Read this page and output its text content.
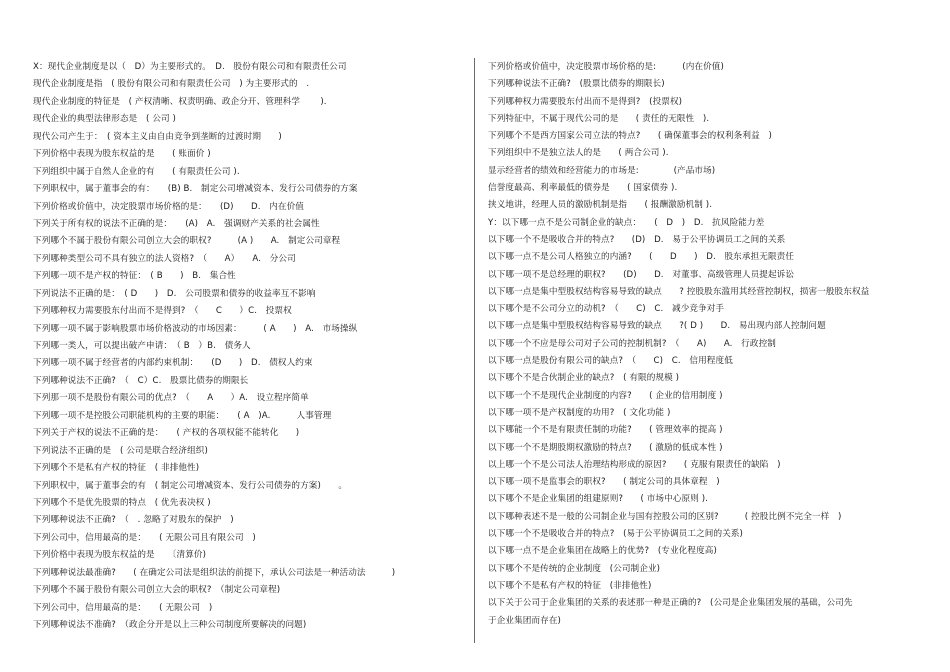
X：现代企业制度是以（　D）为主要形式的。　D.　股份有限公司和有限责任公司
现代企业制度是指　( 股份有限公司和有限责任公司　) 为主要形式的　.
现代企业制度的特征是　( 产权清晰、权责明确、政企分开、管理科学　　 ).
现代企业的典型法律形态是　( 公司 )
现代公司产生于：　( 资本主义由自由竞争到垄断的过渡时期　　)
下列价格中表现为股东权益的是　　( 账面价 )
下列组织中属于自然人企业的有　　( 有限责任公司 ).
下列职权中，属于董事会的有：　　(B) B.　制定公司增减资本、发行公司债券的方案
下列价格或价值中，决定股票市场价格的是：　　(D)　　D.　内在价值
下列关于所有权的说法不正确的是：　　(A)　A.　强调财产关系的社会属性
下列哪个不属于股份有限公司创立大会的职权?　　　(A )　　A.　制定公司章程
下列哪种类型公司不具有独立的法人资格?　（　　A）　　A.　分公司
下列哪一项不是产权的特征：　( B　　)　B.　集合性
下列说法不正确的是：　( D　　)　D.　公司股票和债券的收益率互不影响
下列哪种权力需要股东付出而不是得到?　（　　C　　）C.　投票权
下列哪一项不属于影响股票市场价格波动的市场因素：　　　( A　　)　A.　市场操纵
下列哪一类人，可以提出破产申请：　（ B　）B.　债务人
下列哪一项不属于经营者的内部约束机制：　　(D　　)　D.　债权人约束
下列哪种说法不正确?　（　C）C.　股票比债券的期限长
下列那一项不是股份有限公司的优点?　（　　A　　）A.　设立程序简单
下列哪一项不是控股公司职能机构的主要的职能：　　( A　)A.　　　人事管理
下列关于产权的说法不正确的是：　　( 产权的各项权能不能转化　　)
下列说法不正确的是　( 公司是联合经济组织)
下列哪个不是私有产权的特征　( 非排他性)
下列职权中，属于董事会的有　( 制定公司增减资本、发行公司债券的方案)　　。
下列哪个不是优先股票的特点　( 优先表决权 )
下列哪种说法不正确?　（　. 忽略了对股东的保护　)
下列公司中，信用最高的是：　　( 无限公司且有限公司　)
下列价格中表现为股东权益的是　　〔清算价)
下列哪种说法最准确?　　( 在确定公司法是组织法的前提下，承认公司法是一种活动法　　　)
下列哪个不属于股份有限公司创立大会的职权?　（制定公司章程)
下列公司中，信用最高的是：　　( 无限公司　)
下列哪种说法不准确?　（政企分开是以上三种公司制度所要解决的问题)
下列价格或价值中，决定股票市场价格的是:　　　(内在价值)
下列哪种说法不正确?　(股票比债券的期限长)
下列哪种权力需要股东付出而不是得到?　(投票权)
下列特征中，不属于现代公司的是　　( 责任的无限性　).
下列哪个不是西方国家公司立法的特点?　　( 确保董事会的权利条利益　)
下列组织中不是独立法人的是　　( 两合公司 ).
显示经营者的绩效和经营能力的市场是:　　　　(产品市场)
信誉度最高、利率最低的债券是　　( 国家债券 ).
挟义地讲，经理人员的激励机制是指　　( 报酬激励机制 ).
Y：以下哪一点不是公司制企业的缺点：　　(　D　)　D.　抗风险能力差
以下哪一个不是吸收合并的特点?　　(D)　D.　易于公平协调员工之间的关系
以下哪一点不是公司人格独立的内涵?　　(　　D　　)　D.　股东承担无限责任
以下哪一项不是总经理的职权?　　(D)　　D.　对董事、高级管理人员提起诉讼
以下哪一点是集中型股权结构容易导致的缺点　　? 控股股东滥用其经营控制权，损害一般股东权益
以下哪个是不公司分立的动机?　（　　C)　C.　减少竞争对手
以下哪一点是集中型股权结构容易导致的缺点　　?( D )　　D.　易出现内部人控制问题
以下哪一个不应是母公司对子公司的控制机制?　（　　A)　　A.　行政控制
以下哪一点是股份有限公司的缺点?　（　　C)　C.　信用程度低
以下哪个不是合伙制企业的缺点?　( 有限的规模 )
以下哪一个不是现代企业制度的内容?　　( 企业的信用制度 )
以下哪一项不是产权制度的功用?　( 文化功能 )
以下哪能一个不是有限责任制的功能?　　( 管理效率的提高 )
以下哪一个不是期股期权激励的特点?　　( 激励的低成本性 )
以上哪一个不是公司法人治理结构形成的原因?　　( 克服有限责任的缺陷　)
以下哪一项不是监事会的职权?　　( 制定公司的具体章程　)
以下哪个不是企业集团的组建原则?　　( 市场中心原则 ).
以下哪种表述不是一般的公司制企业与国有控股公司的区别?　　　( 控股比例不完全一样　)
以下哪一个不是吸收合并的特点?　(易于公平协调员工之间的关系)
以下哪一点不是企业集团在战略上的优势?　(专业化程度高)
以下哪个不是传统的企业制度　(公司制企业)
以下哪个不是私有产权的特征　(非排他性)
以下关于公司于企业集团的关系的表述那一种是正确的?　(公司是企业集团发展的基础，公司先
于企业集团而存在)
